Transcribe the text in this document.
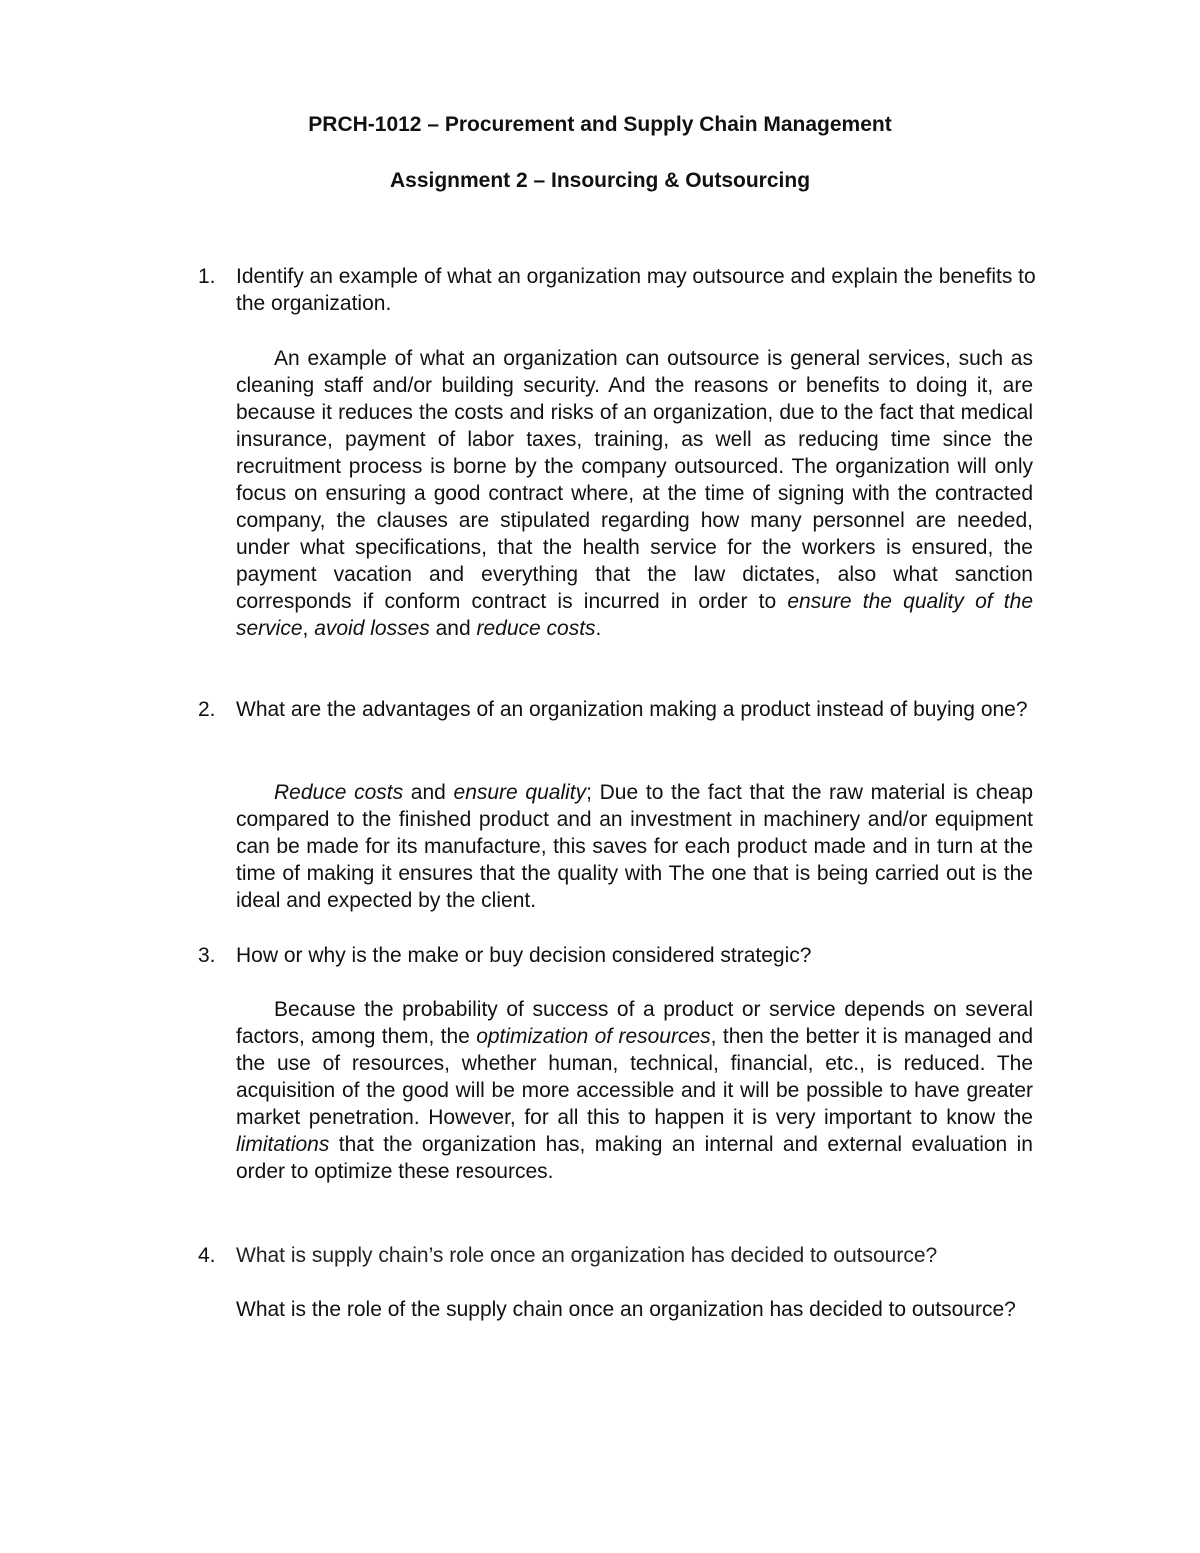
PRCH-1012 – Procurement and Supply Chain Management
Assignment 2 – Insourcing & Outsourcing
1. Identify an example of what an organization may outsource and explain the benefits to the organization.

An example of what an organization can outsource is general services, such as cleaning staff and/or building security. And the reasons or benefits to doing it, are because it reduces the costs and risks of an organization, due to the fact that medical insurance, payment of labor taxes, training, as well as reducing time since the recruitment process is borne by the company outsourced. The organization will only focus on ensuring a good contract where, at the time of signing with the contracted company, the clauses are stipulated regarding how many personnel are needed, under what specifications, that the health service for the workers is ensured, the payment vacation and everything that the law dictates, also what sanction corresponds if conform contract is incurred in order to ensure the quality of the service, avoid losses and reduce costs.

2. What are the advantages of an organization making a product instead of buying one?

Reduce costs and ensure quality; Due to the fact that the raw material is cheap compared to the finished product and an investment in machinery and/or equipment can be made for its manufacture, this saves for each product made and in turn at the time of making it ensures that the quality with The one that is being carried out is the ideal and expected by the client.

3. How or why is the make or buy decision considered strategic?

Because the probability of success of a product or service depends on several factors, among them, the optimization of resources, then the better it is managed and the use of resources, whether human, technical, financial, etc., is reduced. The acquisition of the good will be more accessible and it will be possible to have greater market penetration. However, for all this to happen it is very important to know the limitations that the organization has, making an internal and external evaluation in order to optimize these resources.

4. What is supply chain’s role once an organization has decided to outsource?

What is the role of the supply chain once an organization has decided to outsource?
